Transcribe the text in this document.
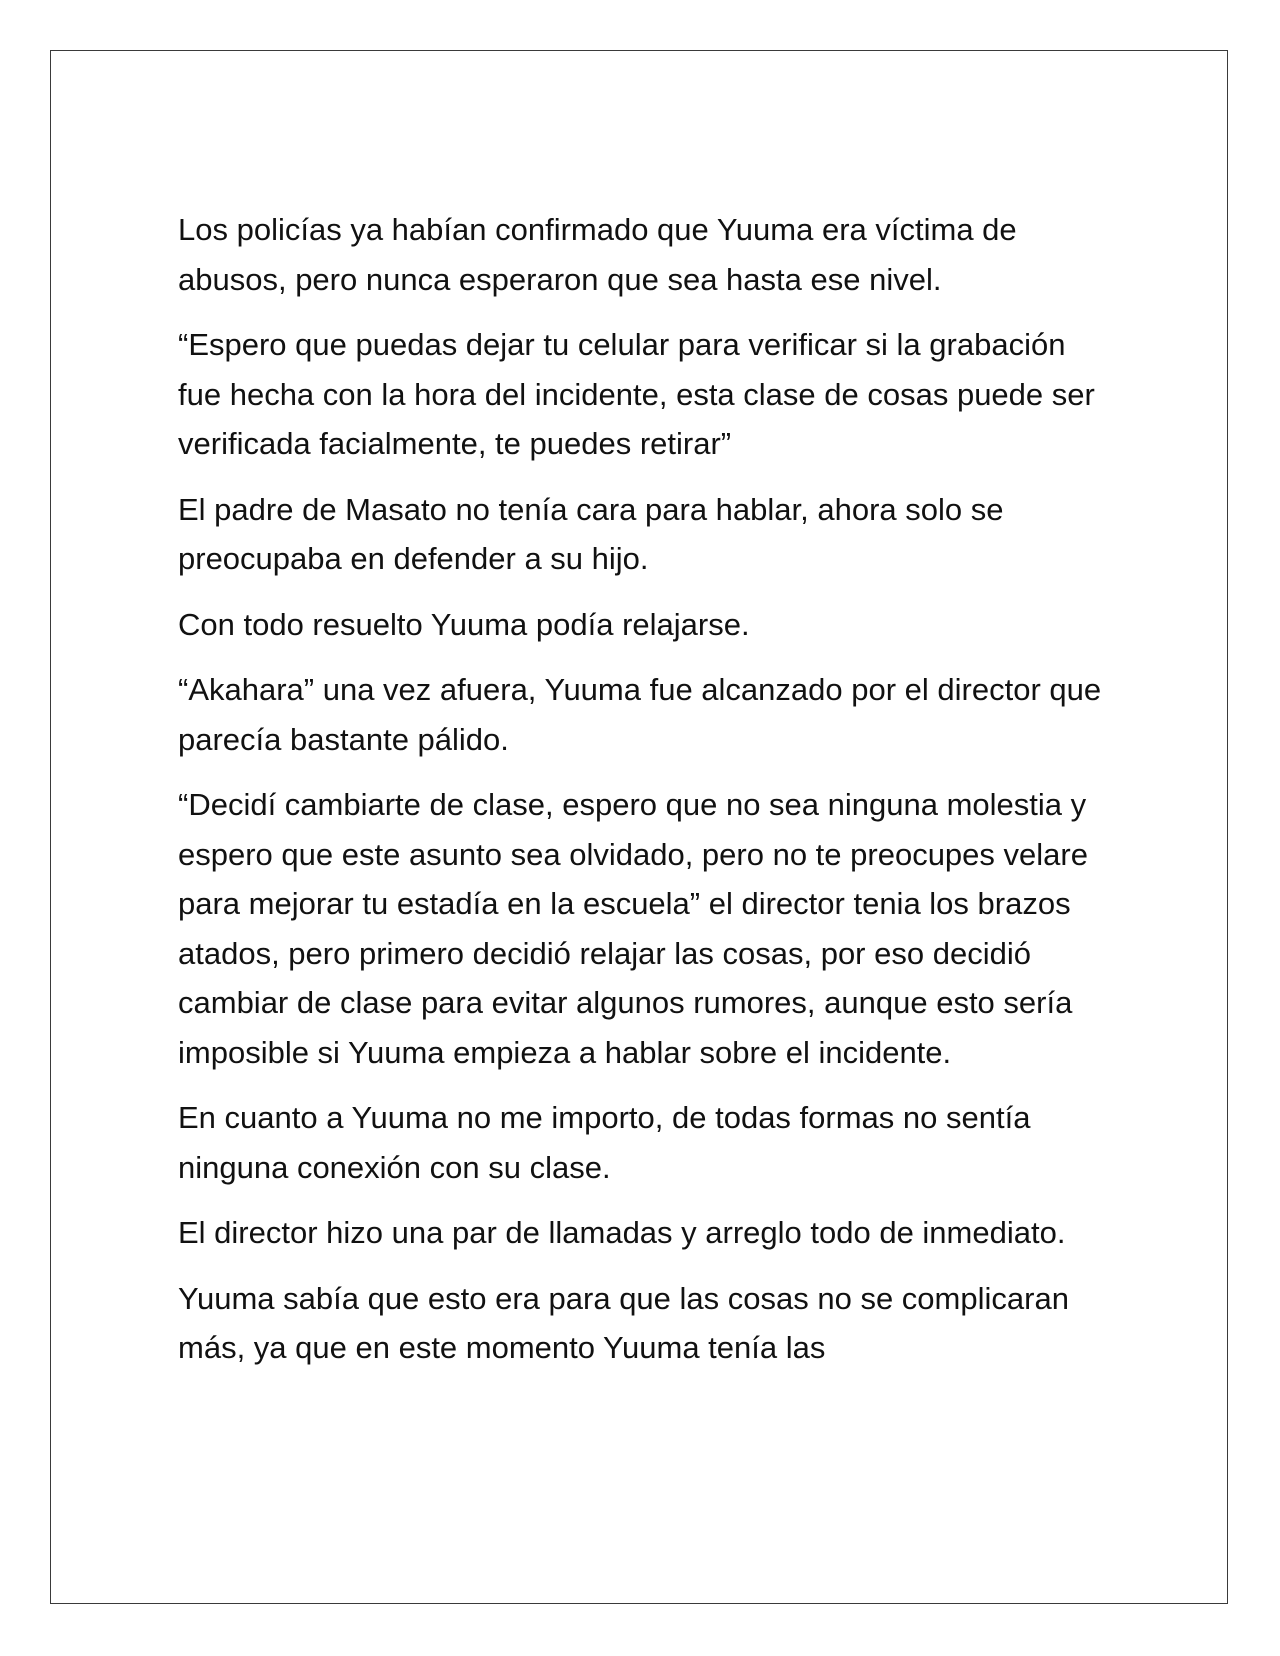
Los policías ya habían confirmado que Yuuma era víctima de abusos, pero nunca esperaron que sea hasta ese nivel.

“Espero que puedas dejar tu celular para verificar si la grabación fue hecha con la hora del incidente, esta clase de cosas puede ser verificada facialmente, te puedes retirar”

El padre de Masato no tenía cara para hablar, ahora solo se preocupaba en defender a su hijo.

Con todo resuelto Yuuma podía relajarse.

“Akahara” una vez afuera, Yuuma fue alcanzado por el director que parecía bastante pálido.

“Decidí cambiarte de clase, espero que no sea ninguna molestia y espero que este asunto sea olvidado, pero no te preocupes velare para mejorar tu estadía en la escuela” el director tenia los brazos atados, pero primero decidió relajar las cosas, por eso decidió cambiar de clase para evitar algunos rumores, aunque esto sería imposible si Yuuma empieza a hablar sobre el incidente.

En cuanto a Yuuma no me importo, de todas formas no sentía ninguna conexión con su clase.

El director hizo una par de llamadas y arreglo todo de inmediato.

Yuuma sabía que esto era para que las cosas no se complicaran más, ya que en este momento Yuuma tenía las
